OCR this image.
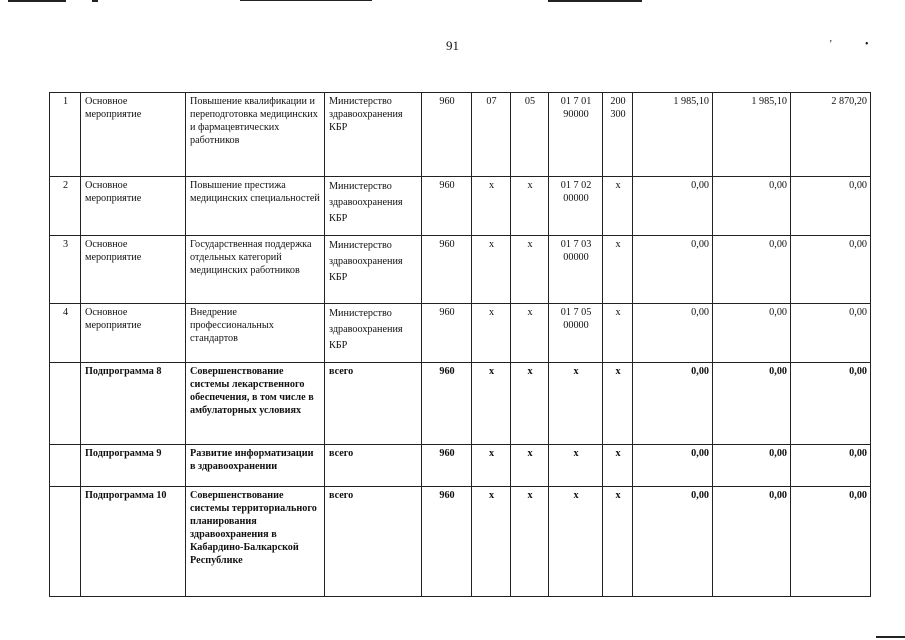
ʼ	•
91
1	Основное мероприятие	Повышение квалификации и переподготовка медицинских и фармацевтических работников	Министерство здравоохранения КБР	960	07	05	01 7 01 90000	200 300	1 985,10	1 985,10	2 870,20
2	Основное мероприятие	Повышение престижа медицинских специальностей	Министерство здравоохранения КБР	960	x	x	01 7 02 00000	x	0,00	0,00	0,00
3	Основное мероприятие	Государственная поддержка отдельных категорий медицинских работников	Министерство здравоохранения КБР	960	x	x	01 7 03 00000	x	0,00	0,00	0,00
4	Основное мероприятие	Внедрение профессиональных стандартов	Министерство здравоохранения КБР	960	x	x	01 7 05 00000	x	0,00	0,00	0,00
	Подпрограмма 8	Совершенствование системы лекарственного обеспечения, в том числе в амбулаторных условиях	всего	960	x	x	x	x	0,00	0,00	0,00
	Подпрограмма 9	Развитие информатизации в здравоохранении	всего	960	x	x	x	x	0,00	0,00	0,00
	Подпрограмма 10	Совершенствование системы территориального планирования здравоохранения в Кабардино-Балкарской Республике	всего	960	x	x	x	x	0,00	0,00	0,00
